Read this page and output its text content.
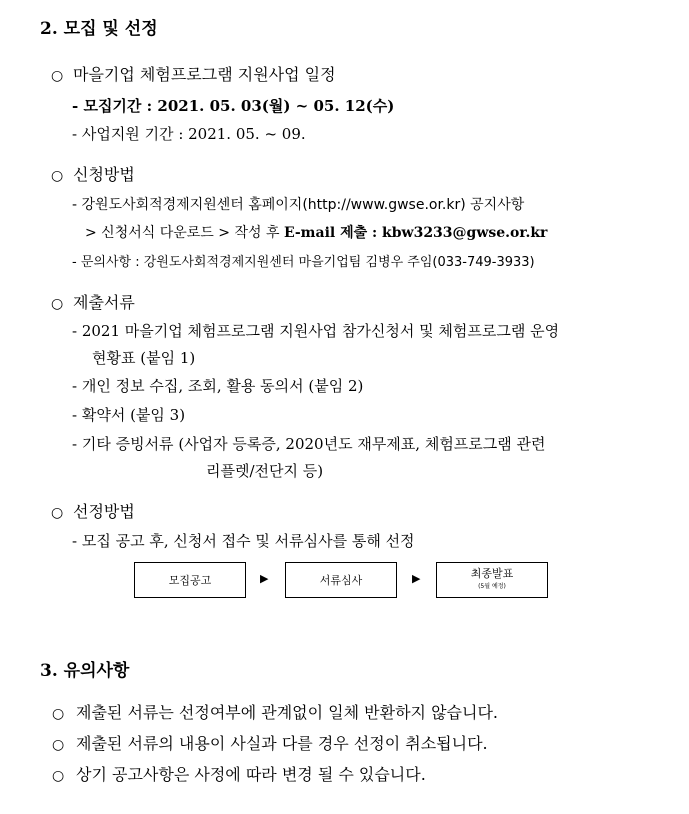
2. 모집 및 선정
○ 마을기업 체험프로그램 지원사업 일정
- 모집기간 : 2021. 05. 03(월) ~ 05. 12(수)
- 사업지원 기간 : 2021. 05. ~ 09.
○ 신청방법
- 강원도사회적경제지원센터 홈페이지(http://www.gwse.or.kr) 공지사항
> 신청서식 다운로드 > 작성 후 E-mail 제출 : kbw3233@gwse.or.kr
- 문의사항 : 강원도사회적경제지원센터 마을기업팀 김병우 주임(033-749-3933)
○ 제출서류
- 2021 마을기업 체험프로그램 지원사업 참가신청서 및 체험프로그램 운영
현황표 (붙임 1)
- 개인 정보 수집, 조회, 활용 동의서 (붙임 2)
- 확약서 (붙임 3)
- 기타 증빙서류 (사업자 등록증, 2020년도 재무제표, 체험프로그램 관련
리플렛/전단지 등)
○ 선정방법
- 모집 공고 후, 신청서 접수 및 서류심사를 통해 선정
모집공고	▶	서류심사	▶	최종발표
(5월 예정)
3. 유의사항
○ 제출된 서류는 선정여부에 관계없이 일체 반환하지 않습니다.
○ 제출된 서류의 내용이 사실과 다를 경우 선정이 취소됩니다.
○ 상기 공고사항은 사정에 따라 변경 될 수 있습니다.
